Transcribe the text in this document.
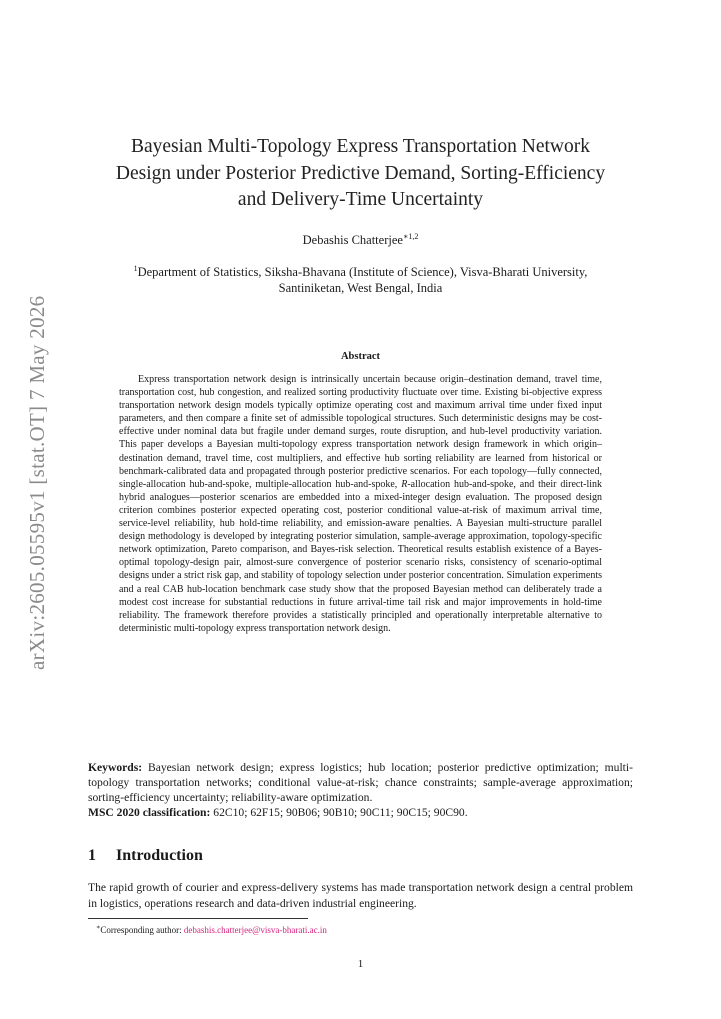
arXiv:2605.05595v1 [stat.OT] 7 May 2026
Bayesian Multi-Topology Express Transportation Network
Design under Posterior Predictive Demand, Sorting-Efficiency
and Delivery-Time Uncertainty
Debashis Chatterjee$^{∗1,2}$
$^1$Department of Statistics, Siksha-Bhavana (Institute of Science), Visva-Bharati University, Santiniketan, West Bengal, India
Abstract

Express transportation network design is intrinsically uncertain because origin–destination demand, travel time, transportation cost, hub congestion, and realized sorting productivity fluctuate over time. Existing bi-objective express transportation network design models typically optimize operating cost and maximum arrival time under fixed input parameters, and then compare a finite set of admissible topological structures. Such deterministic designs may be cost-effective under nominal data but fragile under demand surges, route disruption, and hub-level productivity variation. This paper develops a Bayesian multi-topology express transportation network design framework in which origin–destination demand, travel time, cost multipliers, and effective hub sorting reliability are learned from historical or benchmark-calibrated data and propagated through posterior predictive scenarios. For each topology—fully connected, single-allocation hub-and-spoke, multiple-allocation hub-and-spoke, R-allocation hub-and-spoke, and their direct-link hybrid analogues—posterior scenarios are embedded into a mixed-integer design evaluation. The proposed design criterion combines posterior expected operating cost, posterior conditional value-at-risk of maximum arrival time, service-level reliability, hub hold-time reliability, and emission-aware penalties. A Bayesian multi-structure parallel design methodology is developed by integrating posterior simulation, sample-average approximation, topology-specific network optimization, Pareto comparison, and Bayes-risk selection. Theoretical results establish existence of a Bayes-optimal topology-design pair, almost-sure convergence of posterior scenario risks, consistency of scenario-optimal designs under a strict risk gap, and stability of topology selection under posterior concentration. Simulation experiments and a real CAB hub-location benchmark case study show that the proposed Bayesian method can deliberately trade a modest cost increase for substantial reductions in future arrival-time tail risk and major improvements in hold-time reliability. The framework therefore provides a statistically principled and operationally interpretable alternative to deterministic multi-topology express transportation network design.

Keywords: Bayesian network design; express logistics; hub location; posterior predictive optimization; multi-topology transportation networks; conditional value-at-risk; chance constraints; sample-average approximation; sorting-efficiency uncertainty; reliability-aware optimization.

MSC 2020 classification: 62C10; 62F15; 90B06; 90B10; 90C11; 90C15; 90C90.

1 Introduction

The rapid growth of courier and express-delivery systems has made transportation network design a central problem in logistics, operations research and data-driven industrial engineering.

∗Corresponding author: debashis.chatterjee@visva-bharati.ac.in
1
